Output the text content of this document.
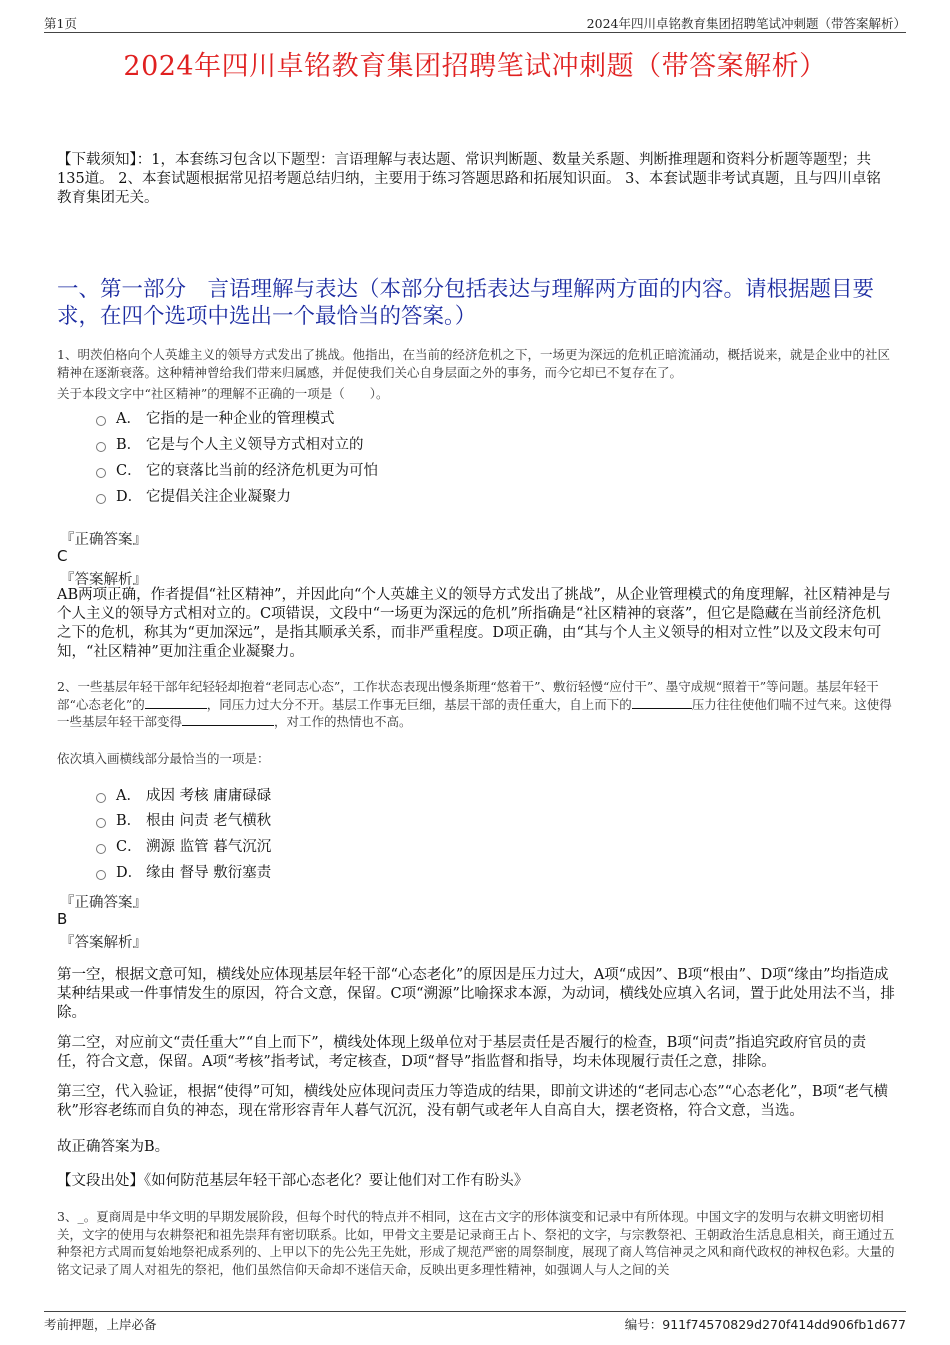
第1页	2024年四川卓铭教育集团招聘笔试冲刺题（带答案解析）
2024年四川卓铭教育集团招聘笔试冲刺题（带答案解析）
【下载须知】：1，本套练习包含以下题型：言语理解与表达题、常识判断题、数量关系题、判断推理题和资料分析题等题型；共135道。 2、本套试题根据常见招考题总结归纳，主要用于练习答题思路和拓展知识面。 3、本套试题非考试真题，且与四川卓铭教育集团无关。
一、第一部分　言语理解与表达（本部分包括表达与理解两方面的内容。请根据题目要求，在四个选项中选出一个最恰当的答案。）
1、明茨伯格向个人英雄主义的领导方式发出了挑战。他指出，在当前的经济危机之下，一场更为深远的危机正暗流涌动，概括说来，就是企业中的社区精神在逐渐衰落。这种精神曾给我们带来归属感，并促使我们关心自身层面之外的事务，而今它却已不复存在了。
关于本段文字中“社区精神”的理解不正确的一项是（　　）。
A． 它指的是一种企业的管理模式
B． 它是与个人主义领导方式相对立的
C． 它的衰落比当前的经济危机更为可怕
D． 它提倡关注企业凝聚力
『正确答案』
C
『答案解析』
AB两项正确，作者提倡“社区精神”，并因此向“个人英雄主义的领导方式发出了挑战”，从企业管理模式的角度理解，社区精神是与个人主义的领导方式相对立的。C项错误，文段中“一场更为深远的危机”所指确是“社区精神的衰落”，但它是隐藏在当前经济危机之下的危机，称其为“更加深远”，是指其顺承关系，而非严重程度。D项正确，由“其与个人主义领导的相对立性”以及文段末句可知，“社区精神”更加注重企业凝聚力。
2、一些基层年轻干部年纪轻轻却抱着“老同志心态”，工作状态表现出慢条斯理“悠着干”、敷衍轻慢“应付干”、墨守成规“照着干”等问题。基层年轻干部“心态老化”的	，同压力过大分不开。基层工作事无巨细，基层干部的责任重大，自上而下的	压力往往使他们喘不过气来。这使得一些基层年轻干部变得	，对工作的热情也不高。
依次填入画横线部分最恰当的一项是：
A． 成因 考核 庸庸碌碌
B． 根由 问责 老气横秋
C． 溯源 监管 暮气沉沉
D． 缘由 督导 敷衍塞责
『正确答案』
B
『答案解析』
第一空，根据文意可知，横线处应体现基层年轻干部“心态老化”的原因是压力过大，A项“成因”、B项“根由”、D项“缘由”均指造成某种结果或一件事情发生的原因，符合文意，保留。C项“溯源”比喻探求本源，为动词，横线处应填入名词，置于此处用法不当，排除。
第二空，对应前文“责任重大”“自上而下”，横线处体现上级单位对于基层责任是否履行的检查，B项“问责”指追究政府官员的责任，符合文意，保留。A项“考核”指考试，考定核查，D项“督导”指监督和指导，均未体现履行责任之意，排除。
第三空，代入验证，根据“使得”可知，横线处应体现问责压力等造成的结果，即前文讲述的“老同志心态”“心态老化”，B项“老气横秋”形容老练而自负的神态，现在常形容青年人暮气沉沉，没有朝气或老年人自高自大，摆老资格，符合文意，当选。
故正确答案为B。
【文段出处】《如何防范基层年轻干部心态老化？要让他们对工作有盼头》
3、_。夏商周是中华文明的早期发展阶段，但每个时代的特点并不相同，这在古文字的形体演变和记录中有所体现。中国文字的发明与农耕文明密切相关，文字的使用与农耕祭祀和祖先崇拜有密切联系。比如，甲骨文主要是记录商王占卜、祭祀的文字，与宗教祭祀、王朝政治生活息息相关，商王通过五种祭祀方式周而复始地祭祀成系列的、上甲以下的先公先王先妣，形成了规范严密的周祭制度，展现了商人笃信神灵之风和商代政权的神权色彩。大量的铭文记录了周人对祖先的祭祀，他们虽然信仰天命却不迷信天命，反映出更多理性精神，如强调人与人之间的关
考前押题，上岸必备	编号：911f74570829d270f414dd906fb1d677
